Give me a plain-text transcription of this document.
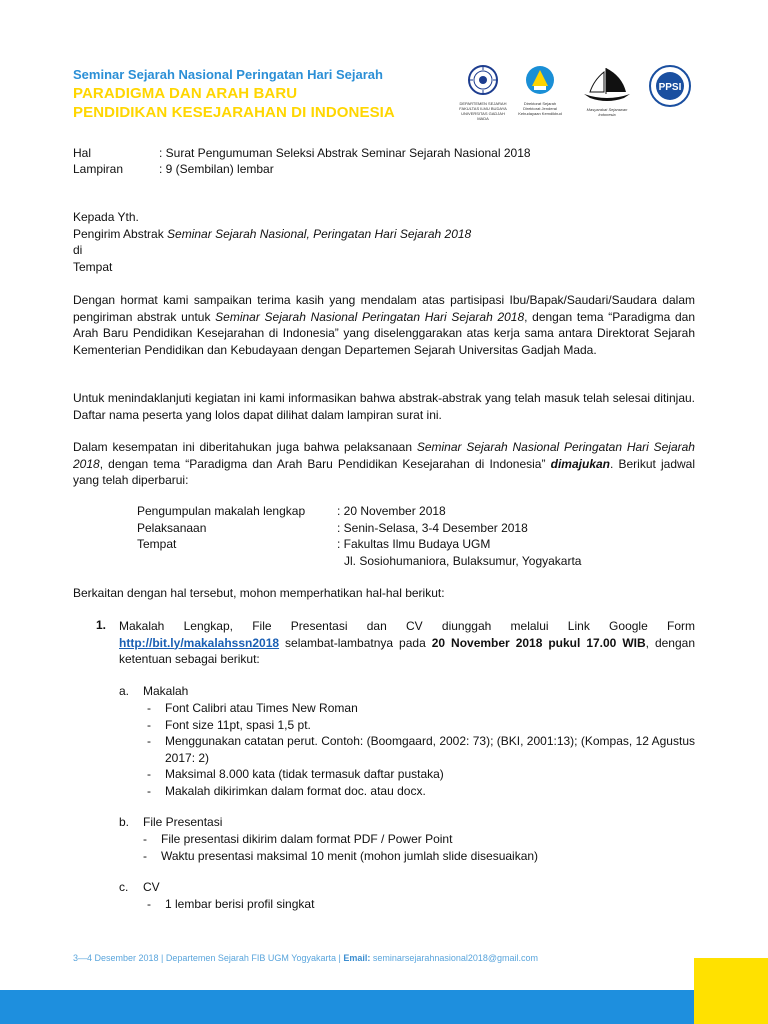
Seminar Sejarah Nasional Peringatan Hari Sejarah
PARADIGMA DAN ARAH BARU
PENDIDIKAN KESEJARAHAN DI INDONESIA
DEPARTEMEN SEJARAH FAKULTAS ILMU BUDAYA UNIVERSITAS GADJAH MADA
Direktorat Sejarah Direktorat Jenderal Kebudayaan Kemdikbud
Masyarakat Sejarawan Indonesia
PPSI
Hal	: Surat Pengumuman Seleksi Abstrak Seminar Sejarah Nasional 2018
Lampiran	: 9 (Sembilan) lembar
Kepada Yth.
Pengirim Abstrak Seminar Sejarah Nasional, Peringatan Hari Sejarah 2018
di
Tempat
Dengan hormat kami sampaikan terima kasih yang mendalam atas partisipasi Ibu/Bapak/Saudari/Saudara dalam pengiriman abstrak untuk Seminar Sejarah Nasional Peringatan Hari Sejarah 2018, dengan tema “Paradigma dan Arah Baru Pendidikan Kesejarahan di Indonesia” yang diselenggarakan atas kerja sama antara Direktorat Sejarah Kementerian Pendidikan dan Kebudayaan dengan Departemen Sejarah Universitas Gadjah Mada.
Untuk menindaklanjuti kegiatan ini kami informasikan bahwa abstrak-abstrak yang telah masuk telah selesai ditinjau. Daftar nama peserta yang lolos dapat dilihat dalam lampiran surat ini.
Dalam kesempatan ini diberitahukan juga bahwa pelaksanaan Seminar Sejarah Nasional Peringatan Hari Sejarah 2018, dengan tema “Paradigma dan Arah Baru Pendidikan Kesejarahan di Indonesia” dimajukan. Berikut jadwal yang telah diperbarui:
Pengumpulan makalah lengkap	: 20 November 2018
Pelaksanaan	: Senin-Selasa, 3-4 Desember 2018
Tempat	: Fakultas Ilmu Budaya UGM
Jl. Sosiohumaniora, Bulaksumur, Yogyakarta
Berkaitan dengan hal tersebut, mohon memperhatikan hal-hal berikut:
1. Makalah Lengkap, File Presentasi dan CV diunggah melalui Link Google Form http://bit.ly/makalahssn2018 selambat-lambatnya pada 20 November 2018 pukul 17.00 WIB, dengan ketentuan sebagai berikut:
a. Makalah
- Font Calibri atau Times New Roman
- Font size 11pt, spasi 1,5 pt.
- Menggunakan catatan perut. Contoh: (Boomgaard, 2002: 73); (BKI, 2001:13); (Kompas, 12 Agustus 2017: 2)
- Maksimal 8.000 kata (tidak termasuk daftar pustaka)
- Makalah dikirimkan dalam format doc. atau docx.
b. File Presentasi
- File presentasi dikirim dalam format PDF / Power Point
- Waktu presentasi maksimal 10 menit (mohon jumlah slide disesuaikan)
c. CV
- 1 lembar berisi profil singkat
3—4 Desember 2018 | Departemen Sejarah FIB UGM Yogyakarta | Email: seminarsejarahnasional2018@gmail.com
